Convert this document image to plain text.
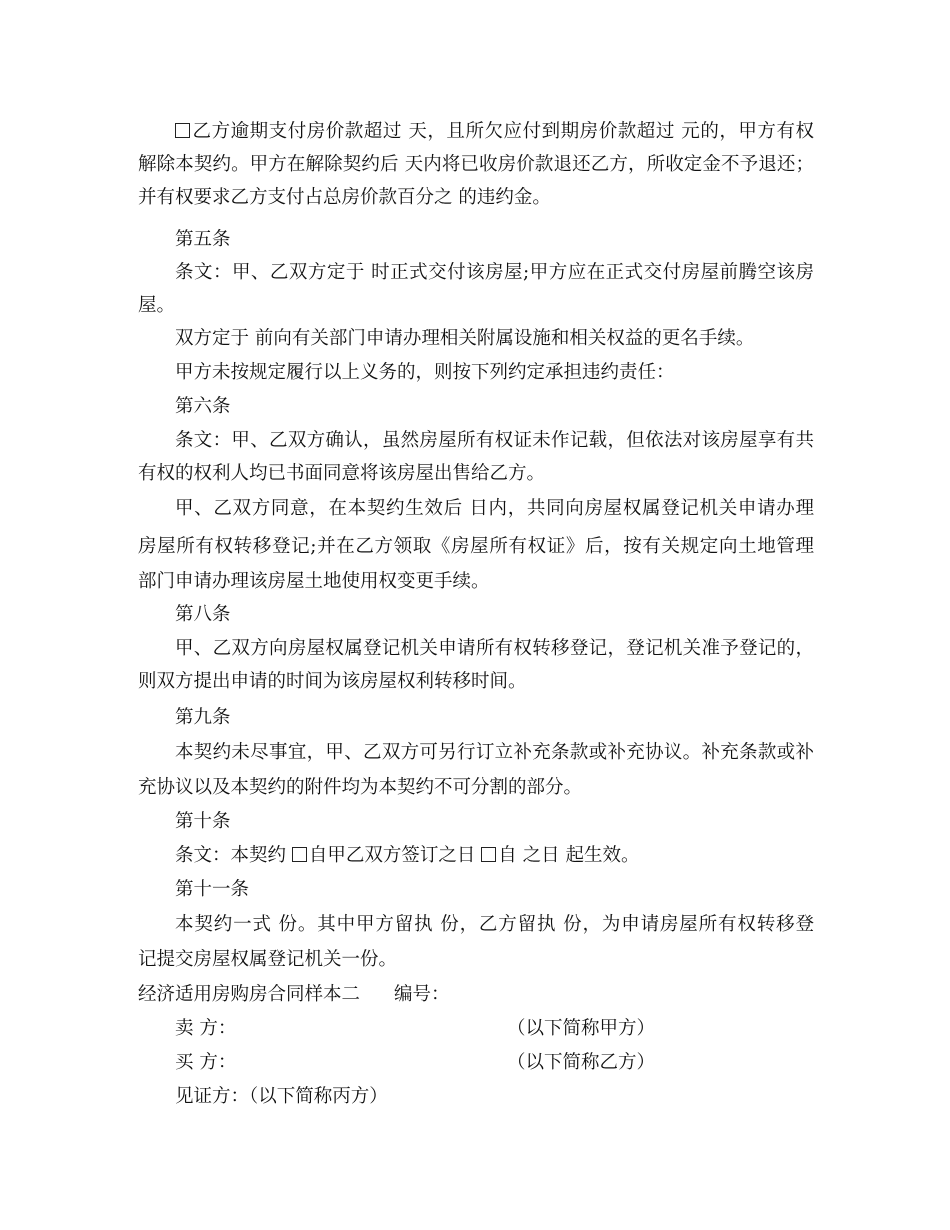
乙方逾期支付房价款超过 天，且所欠应付到期房价款超过 元的，甲方有权
解除本契约。甲方在解除契约后 天内将已收房价款退还乙方，所收定金不予退还；
并有权要求乙方支付占总房价款百分之 的违约金。
第五条
条文：甲、乙双方定于 时正式交付该房屋;甲方应在正式交付房屋前腾空该房
屋。
双方定于 前向有关部门申请办理相关附属设施和相关权益的更名手续。
甲方未按规定履行以上义务的，则按下列约定承担违约责任：
第六条
条文：甲、乙双方确认，虽然房屋所有权证未作记载，但依法对该房屋享有共
有权的权利人均已书面同意将该房屋出售给乙方。
甲、乙双方同意，在本契约生效后 日内，共同向房屋权属登记机关申请办理
房屋所有权转移登记;并在乙方领取《房屋所有权证》后，按有关规定向土地管理
部门申请办理该房屋土地使用权变更手续。
第八条
甲、乙双方向房屋权属登记机关申请所有权转移登记，登记机关准予登记的，
则双方提出申请的时间为该房屋权利转移时间。
第九条
本契约未尽事宜，甲、乙双方可另行订立补充条款或补充协议。补充条款或补
充协议以及本契约的附件均为本契约不可分割的部分。
第十条
条文：本契约 自甲乙双方签订之日 自 之日 起生效。
第十一条
本契约一式 份。其中甲方留执 份，乙方留执 份，为申请房屋所有权转移登
记提交房屋权属登记机关一份。
经济适用房购房合同样本二 编号：
卖 方：	（以下简称甲方）
买 方：	（以下简称乙方）
见证方：（以下简称丙方）
